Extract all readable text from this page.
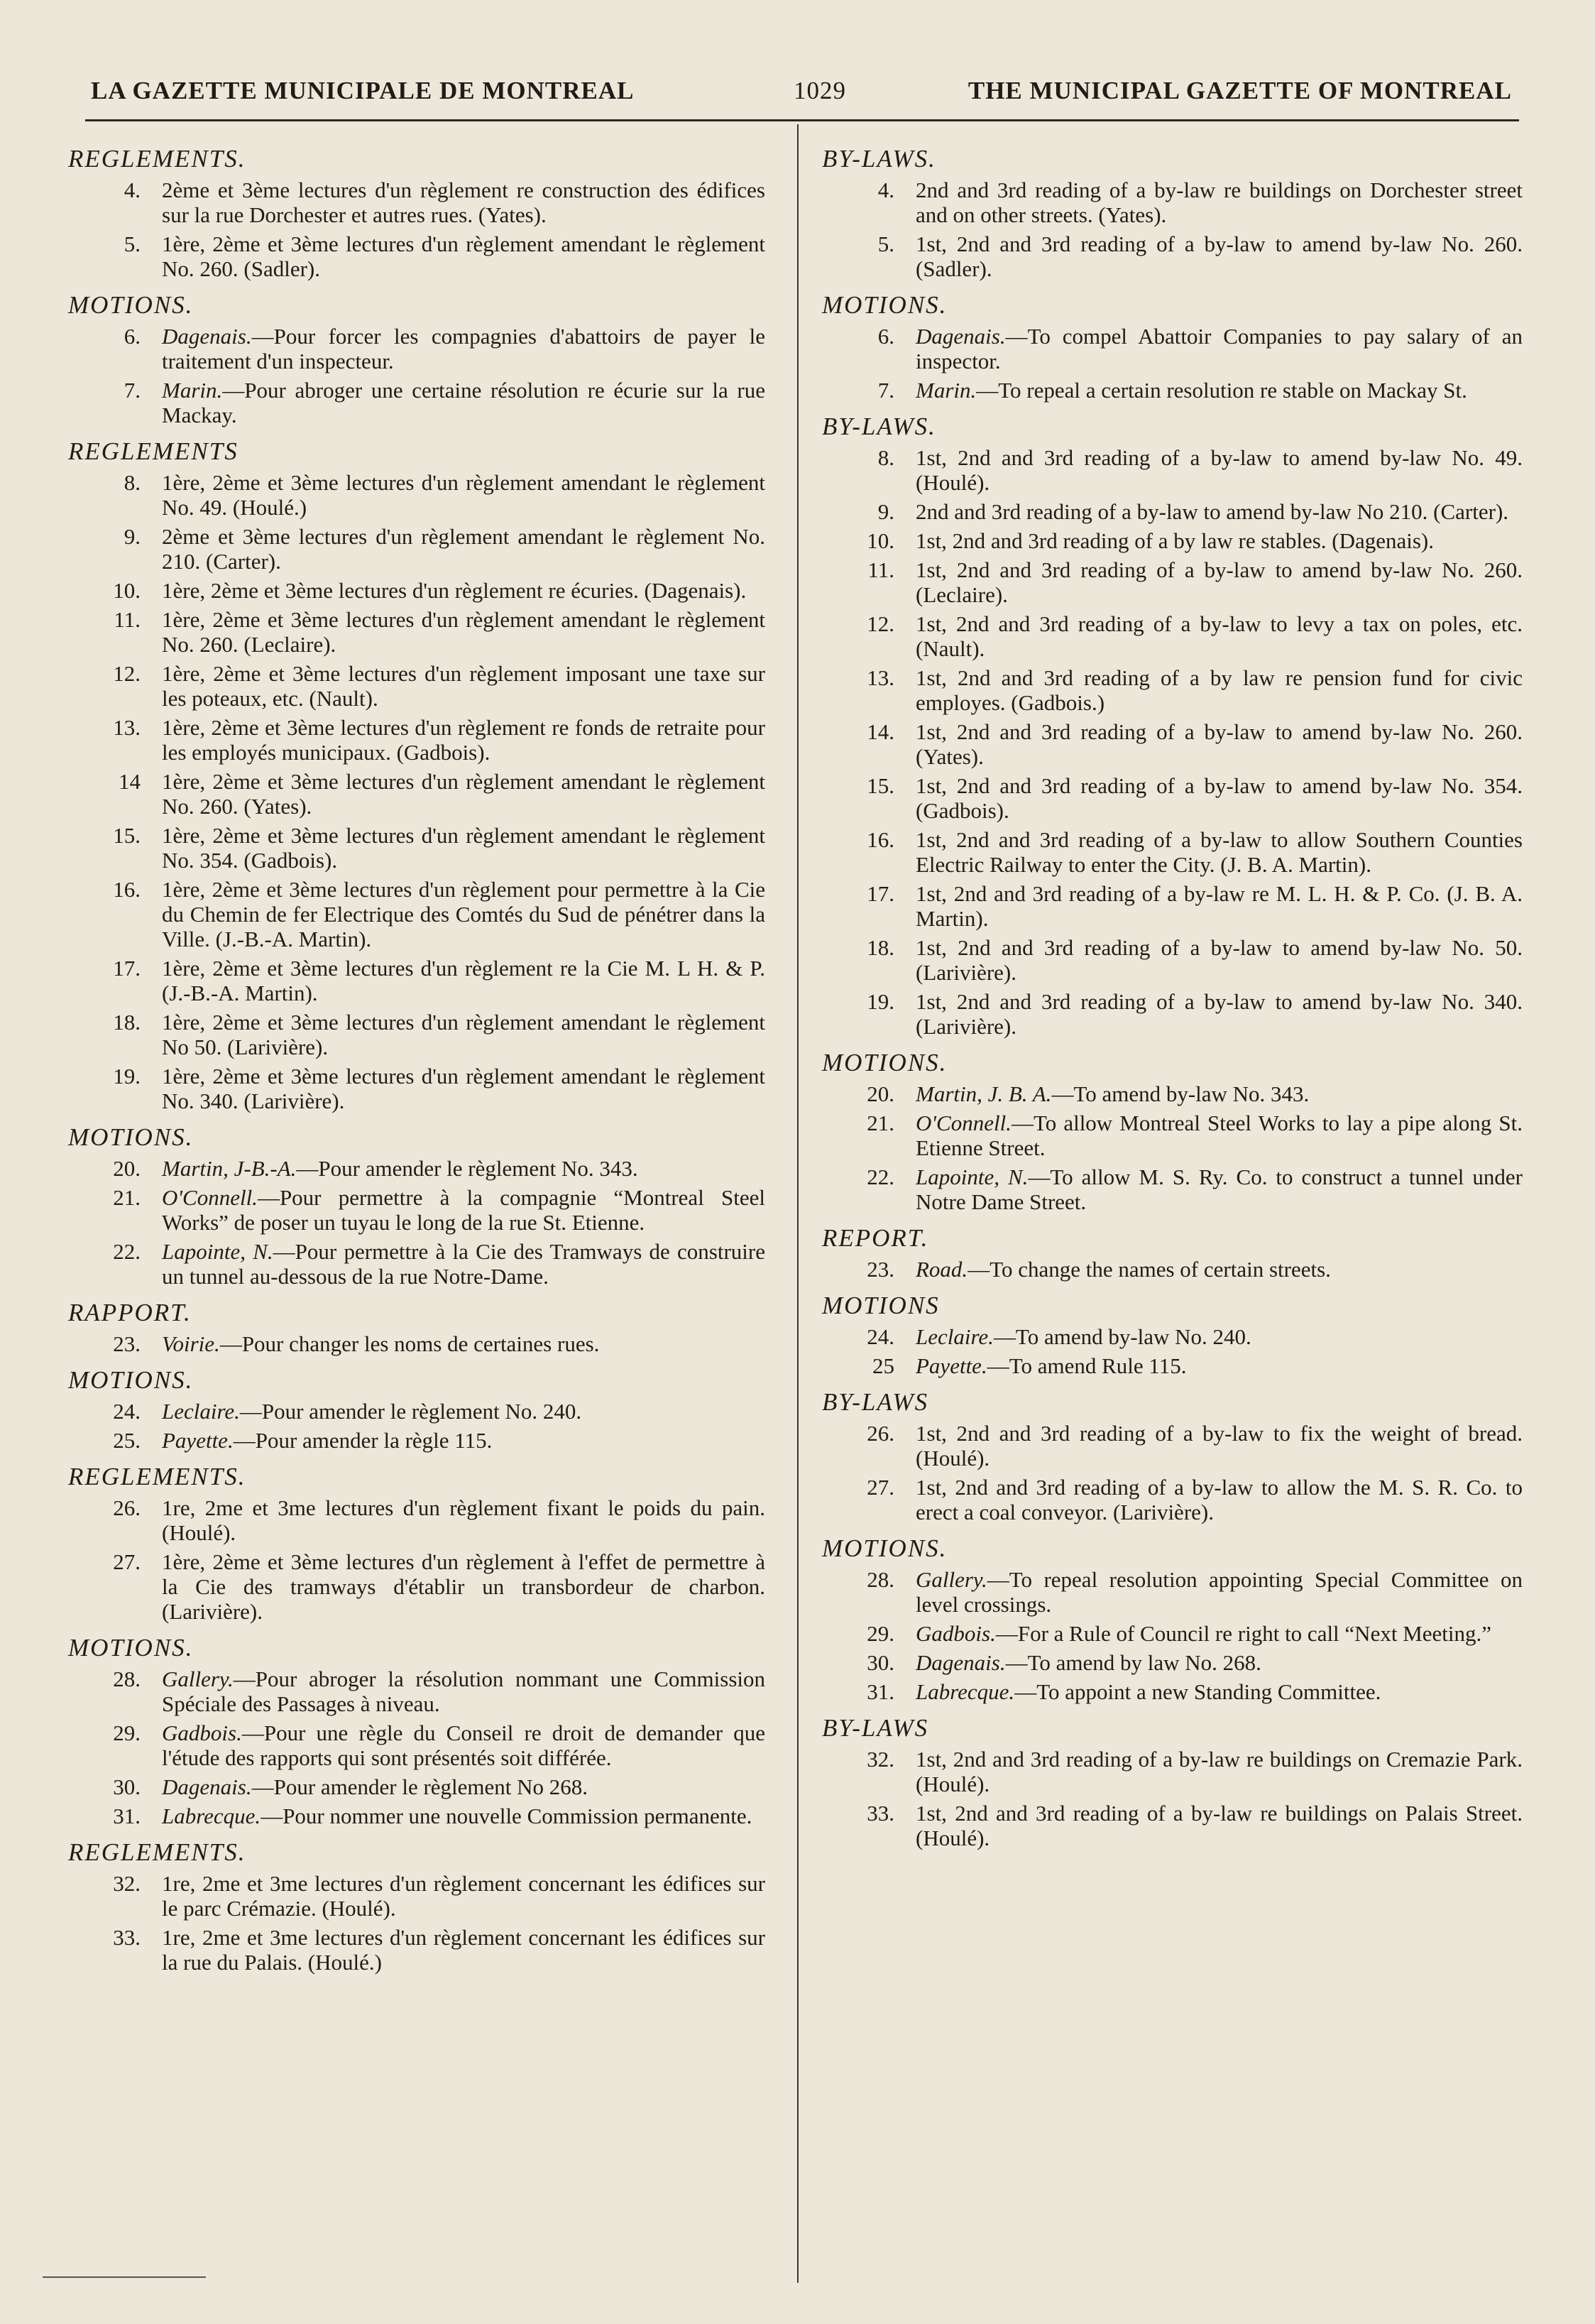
LA GAZETTE MUNICIPALE DE MONTREAL	1029	THE MUNICIPAL GAZETTE OF MONTREAL
REGLEMENTS.
4. 2ème et 3ème lectures d'un règlement re construction des édifices sur la rue Dorchester et autres rues. (Yates).
5. 1ère, 2ème et 3ème lectures d'un règlement amendant le règlement No. 260. (Sadler).
MOTIONS.
6. Dagenais.—Pour forcer les compagnies d'abattoirs de payer le traitement d'un inspecteur.
7. Marin.—Pour abroger une certaine résolution re écurie sur la rue Mackay.
REGLEMENTS
8. 1ère, 2ème et 3ème lectures d'un règlement amendant le règlement No. 49. (Houlé.)
9. 2ème et 3ème lectures d'un règlement amendant le règlement No. 210. (Carter).
10. 1ère, 2ème et 3ème lectures d'un règlement re écuries. (Dagenais).
11. 1ère, 2ème et 3ème lectures d'un règlement amendant le règlement No. 260. (Leclaire).
12. 1ère, 2ème et 3ème lectures d'un règlement imposant une taxe sur les poteaux, etc. (Nault).
13. 1ère, 2ème et 3ème lectures d'un règlement re fonds de retraite pour les employés municipaux. (Gadbois).
14 1ère, 2ème et 3ème lectures d'un règlement amendant le règlement No. 260. (Yates).
15. 1ère, 2ème et 3ème lectures d'un règlement amendant le règlement No. 354. (Gadbois).
16. 1ère, 2ème et 3ème lectures d'un règlement pour permettre à la Cie du Chemin de fer Electrique des Comtés du Sud de pénétrer dans la Ville. (J.-B.-A. Martin).
17. 1ère, 2ème et 3ème lectures d'un règlement re la Cie M. L H. & P. (J.-B.-A. Martin).
18. 1ère, 2ème et 3ème lectures d'un règlement amendant le règlement No 50. (Larivière).
19. 1ère, 2ème et 3ème lectures d'un règlement amendant le règlement No. 340. (Larivière).
MOTIONS.
20. Martin, J-B.-A.—Pour amender le règlement No. 343.
21. O'Connell.—Pour permettre à la compagnie “Montreal Steel Works” de poser un tuyau le long de la rue St. Etienne.
22. Lapointe, N.—Pour permettre à la Cie des Tramways de construire un tunnel au-dessous de la rue Notre-Dame.
RAPPORT.
23. Voirie.—Pour changer les noms de certaines rues.
MOTIONS.
24. Leclaire.—Pour amender le règlement No. 240.
25. Payette.—Pour amender la règle 115.
REGLEMENTS.
26. 1re, 2me et 3me lectures d'un règlement fixant le poids du pain. (Houlé).
27. 1ère, 2ème et 3ème lectures d'un règlement à l'effet de permettre à la Cie des tramways d'établir un transbordeur de charbon. (Larivière).
MOTIONS.
28. Gallery.—Pour abroger la résolution nommant une Commission Spéciale des Passages à niveau.
29. Gadbois.—Pour une règle du Conseil re droit de demander que l'étude des rapports qui sont présentés soit différée.
30. Dagenais.—Pour amender le règlement No 268.
31. Labrecque.—Pour nommer une nouvelle Commission permanente.
REGLEMENTS.
32. 1re, 2me et 3me lectures d'un règlement concernant les édifices sur le parc Crémazie. (Houlé).
33. 1re, 2me et 3me lectures d'un règlement concernant les édifices sur la rue du Palais. (Houlé.)
BY-LAWS.
4. 2nd and 3rd reading of a by-law re buildings on Dorchester street and on other streets. (Yates).
5. 1st, 2nd and 3rd reading of a by-law to amend by-law No. 260. (Sadler).
MOTIONS.
6. Dagenais.—To compel Abattoir Companies to pay salary of an inspector.
7. Marin.—To repeal a certain resolution re stable on Mackay St.
BY-LAWS.
8. 1st, 2nd and 3rd reading of a by-law to amend by-law No. 49. (Houlé).
9. 2nd and 3rd reading of a by-law to amend by-law No 210. (Carter).
10. 1st, 2nd and 3rd reading of a by law re stables. (Dagenais).
11. 1st, 2nd and 3rd reading of a by-law to amend by-law No. 260. (Leclaire).
12. 1st, 2nd and 3rd reading of a by-law to levy a tax on poles, etc. (Nault).
13. 1st, 2nd and 3rd reading of a by law re pension fund for civic employes. (Gadbois.)
14. 1st, 2nd and 3rd reading of a by-law to amend by-law No. 260. (Yates).
15. 1st, 2nd and 3rd reading of a by-law to amend by-law No. 354. (Gadbois).
16. 1st, 2nd and 3rd reading of a by-law to allow Southern Counties Electric Railway to enter the City. (J. B. A. Martin).
17. 1st, 2nd and 3rd reading of a by-law re M. L. H. & P. Co. (J. B. A. Martin).
18. 1st, 2nd and 3rd reading of a by-law to amend by-law No. 50. (Larivière).
19. 1st, 2nd and 3rd reading of a by-law to amend by-law No. 340. (Larivière).
MOTIONS.
20. Martin, J. B. A.—To amend by-law No. 343.
21. O'Connell.—To allow Montreal Steel Works to lay a pipe along St. Etienne Street.
22. Lapointe, N.—To allow M. S. Ry. Co. to construct a tunnel under Notre Dame Street.
REPORT.
23. Road.—To change the names of certain streets.
MOTIONS
24. Leclaire.—To amend by-law No. 240.
25 Payette.—To amend Rule 115.
BY-LAWS
26. 1st, 2nd and 3rd reading of a by-law to fix the weight of bread. (Houlé).
27. 1st, 2nd and 3rd reading of a by-law to allow the M. S. R. Co. to erect a coal conveyor. (Larivière).
MOTIONS.
28. Gallery.—To repeal resolution appointing Special Committee on level crossings.
29. Gadbois.—For a Rule of Council re right to call “Next Meeting.”
30. Dagenais.—To amend by law No. 268.
31. Labrecque.—To appoint a new Standing Committee.
BY-LAWS
32. 1st, 2nd and 3rd reading of a by-law re buildings on Cremazie Park. (Houlé).
33. 1st, 2nd and 3rd reading of a by-law re buildings on Palais Street. (Houlé).
